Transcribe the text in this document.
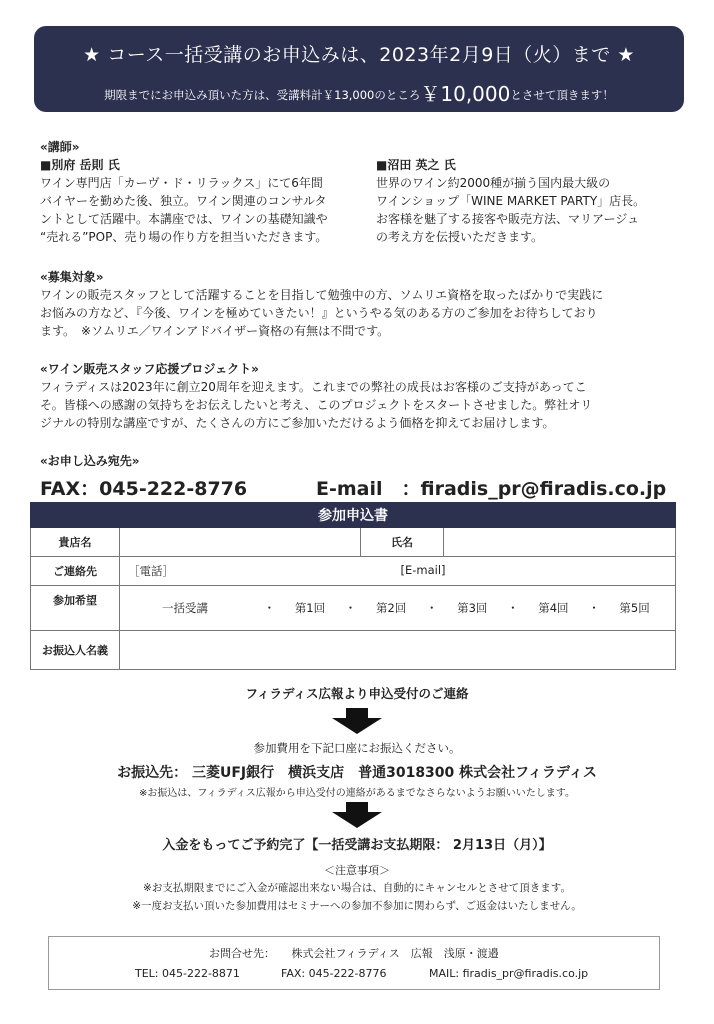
★ コース一括受講のお申込みは、2023年2月9日（火）まで ★
期限までにお申込み頂いた方は、受講料計￥13,000のところ￥10,000とさせて頂きます！
«講師»
■別府 岳則 氏
ワイン専門店「カーヴ・ド・リラックス」にて6年間
バイヤーを勤めた後、独立。ワイン関連のコンサルタ
ントとして活躍中。本講座では、ワインの基礎知識や
“売れる”POP、売り場の作り方を担当いただきます。
■沼田 英之 氏
世界のワイン約2000種が揃う国内最大級の
ワインショップ「WINE MARKET PARTY」店長。
お客様を魅了する接客や販売方法、マリアージュ
の考え方を伝授いただきます。
«募集対象»
ワインの販売スタッフとして活躍することを目指して勉強中の方、ソムリエ資格を取ったばかりで実践に
お悩みの方など、『今後、ワインを極めていきたい！』というやる気のある方のご参加をお待ちしており
ます。　※ソムリエ／ワインアドバイザー資格の有無は不問です。
«ワイン販売スタッフ応援プロジェクト»
フィラディスは2023年に創立20周年を迎えます。これまでの弊社の成長はお客様のご支持があってこ
そ。皆様への感謝の気持ちをお伝えしたいと考え、このプロジェクトをスタートさせました。弊社オリ
ジナルの特別な講座ですが、たくさんの方にご参加いただけるよう価格を抑えてお届けします。
«お申し込み宛先»
FAX：045-222-8776	E-mail　：firadis_pr@firadis.co.jp
参加申込書			
貴店名		氏名	
ご連絡先	［電話］ [E-mail]		

参加希望	一括受講 ・ 第1回 ・ 第2回 ・ 第3回 ・ 第4回 ・ 第5回		
お振込人名義			
フィラディス広報より申込受付のご連絡
参加費用を下記口座にお振込ください。
お振込先： 三菱UFJ銀行　横浜支店　普通3018300 株式会社フィラディス
※お振込は、フィラディス広報から申込受付の連絡があるまでなさらないようお願いいたします。
入金をもってご予約完了【一括受講お支払期限： 2月13日（月）】
＜注意事項＞
※お支払期限までにご入金が確認出来ない場合は、自動的にキャンセルとさせて頂きます。
※一度お支払い頂いた参加費用はセミナーへの参加不参加に関わらず、ご返金はいたしません。
お問合せ先：　　株式会社フィラディス　広報　浅原・渡邉
TEL: 045-222-8871	FAX: 045-222-8776	MAIL: firadis_pr@firadis.co.jp
